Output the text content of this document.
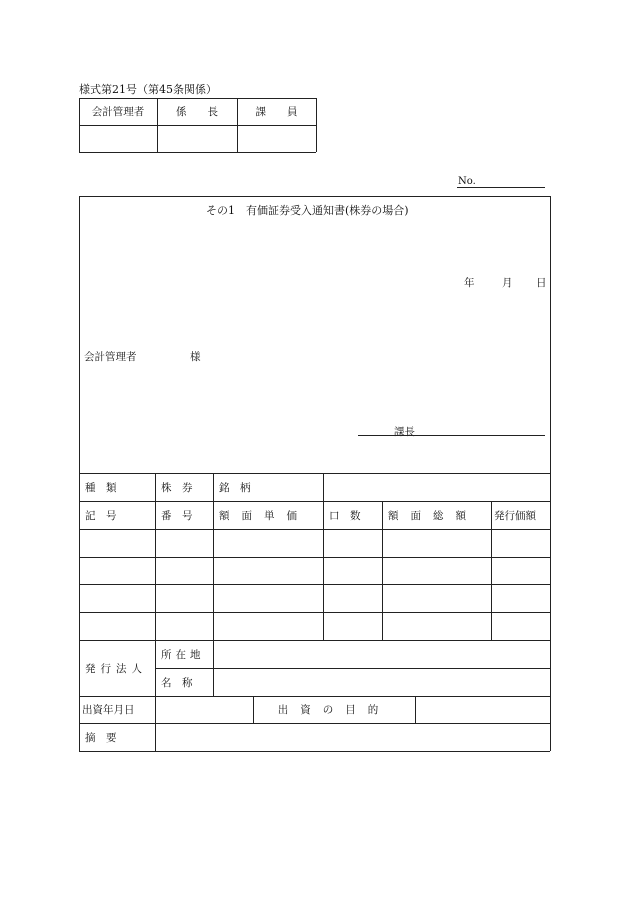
様式第21号（第45条関係）
会計管理者	係　　長	課　　員
No.
その1　有価証券受入通知書(株券の場合)
年	月 日
会計管理者	様
課長
種　類	株　券	銘　柄
記　号	番　号	額面単価	口　数	額面総額	発行価額
発行法人
所在地
名　称
出資年月日	出資の目的
摘　要
